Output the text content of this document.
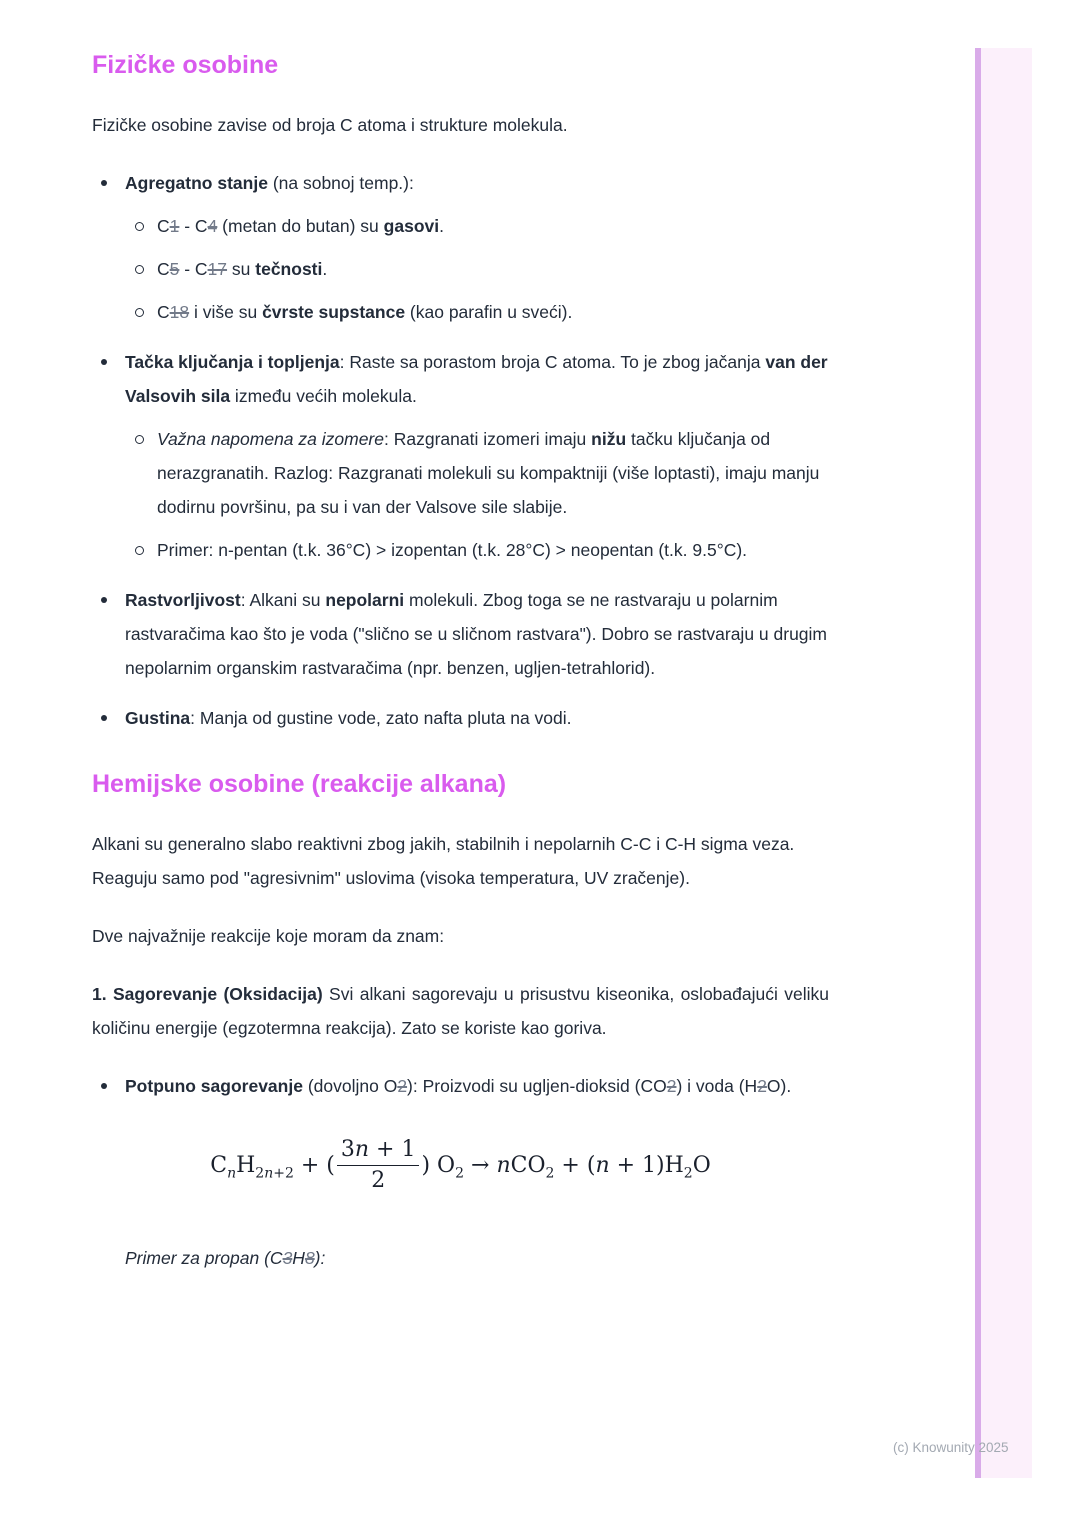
Fizičke osobine

Fizičke osobine zavise od broja C atoma i strukture molekula.

Agregatno stanje (na sobnoj temp.):
C1 - C4 (metan do butan) su gasovi.
C5 - C17 su tečnosti.
C18 i više su čvrste supstance (kao parafin u sveći).
Tačka ključanja i topljenja: Raste sa porastom broja C atoma. To je zbog jačanja van der Valsovih sila između većih molekula.
Važna napomena za izomere: Razgranati izomeri imaju nižu tačku ključanja od nerazgranatih. Razlog: Razgranati molekuli su kompaktniji (više loptasti), imaju manju dodirnu površinu, pa su i van der Valsove sile slabije.
Primer: n-pentan (t.k. 36°C) > izopentan (t.k. 28°C) > neopentan (t.k. 9.5°C).
Rastvorljivost: Alkani su nepolarni molekuli. Zbog toga se ne rastvaraju u polarnim rastvaračima kao što je voda ("slično se u sličnom rastvara"). Dobro se rastvaraju u drugim nepolarnim organskim rastvaračima (npr. benzen, ugljen-tetrahlorid).
Gustina: Manja od gustine vode, zato nafta pluta na vodi.
Hemijske osobine (reakcije alkana)

Alkani su generalno slabo reaktivni zbog jakih, stabilnih i nepolarnih C-C i C-H sigma veza. Reaguju samo pod "agresivnim" uslovima (visoka temperatura, UV zračenje).

Dve najvažnije reakcije koje moram da znam:

1. Sagorevanje (Oksidacija) Svi alkani sagorevaju u prisustvu kiseonika, oslobađajući veliku količinu energije (egzotermna reakcija). Zato se koriste kao goriva.

Potpuno sagorevanje (dovoljno O2): Proizvodi su ugljen-dioksid (CO2) i voda (H2O).
$C_nH_{2n+2}$ + ( $\frac{3n + 1}{2}$ ) $O_2 \to nCO_2 + (n + 1)H_2O$

Primer za propan (C3H8):

(c) Knowunity 2025
